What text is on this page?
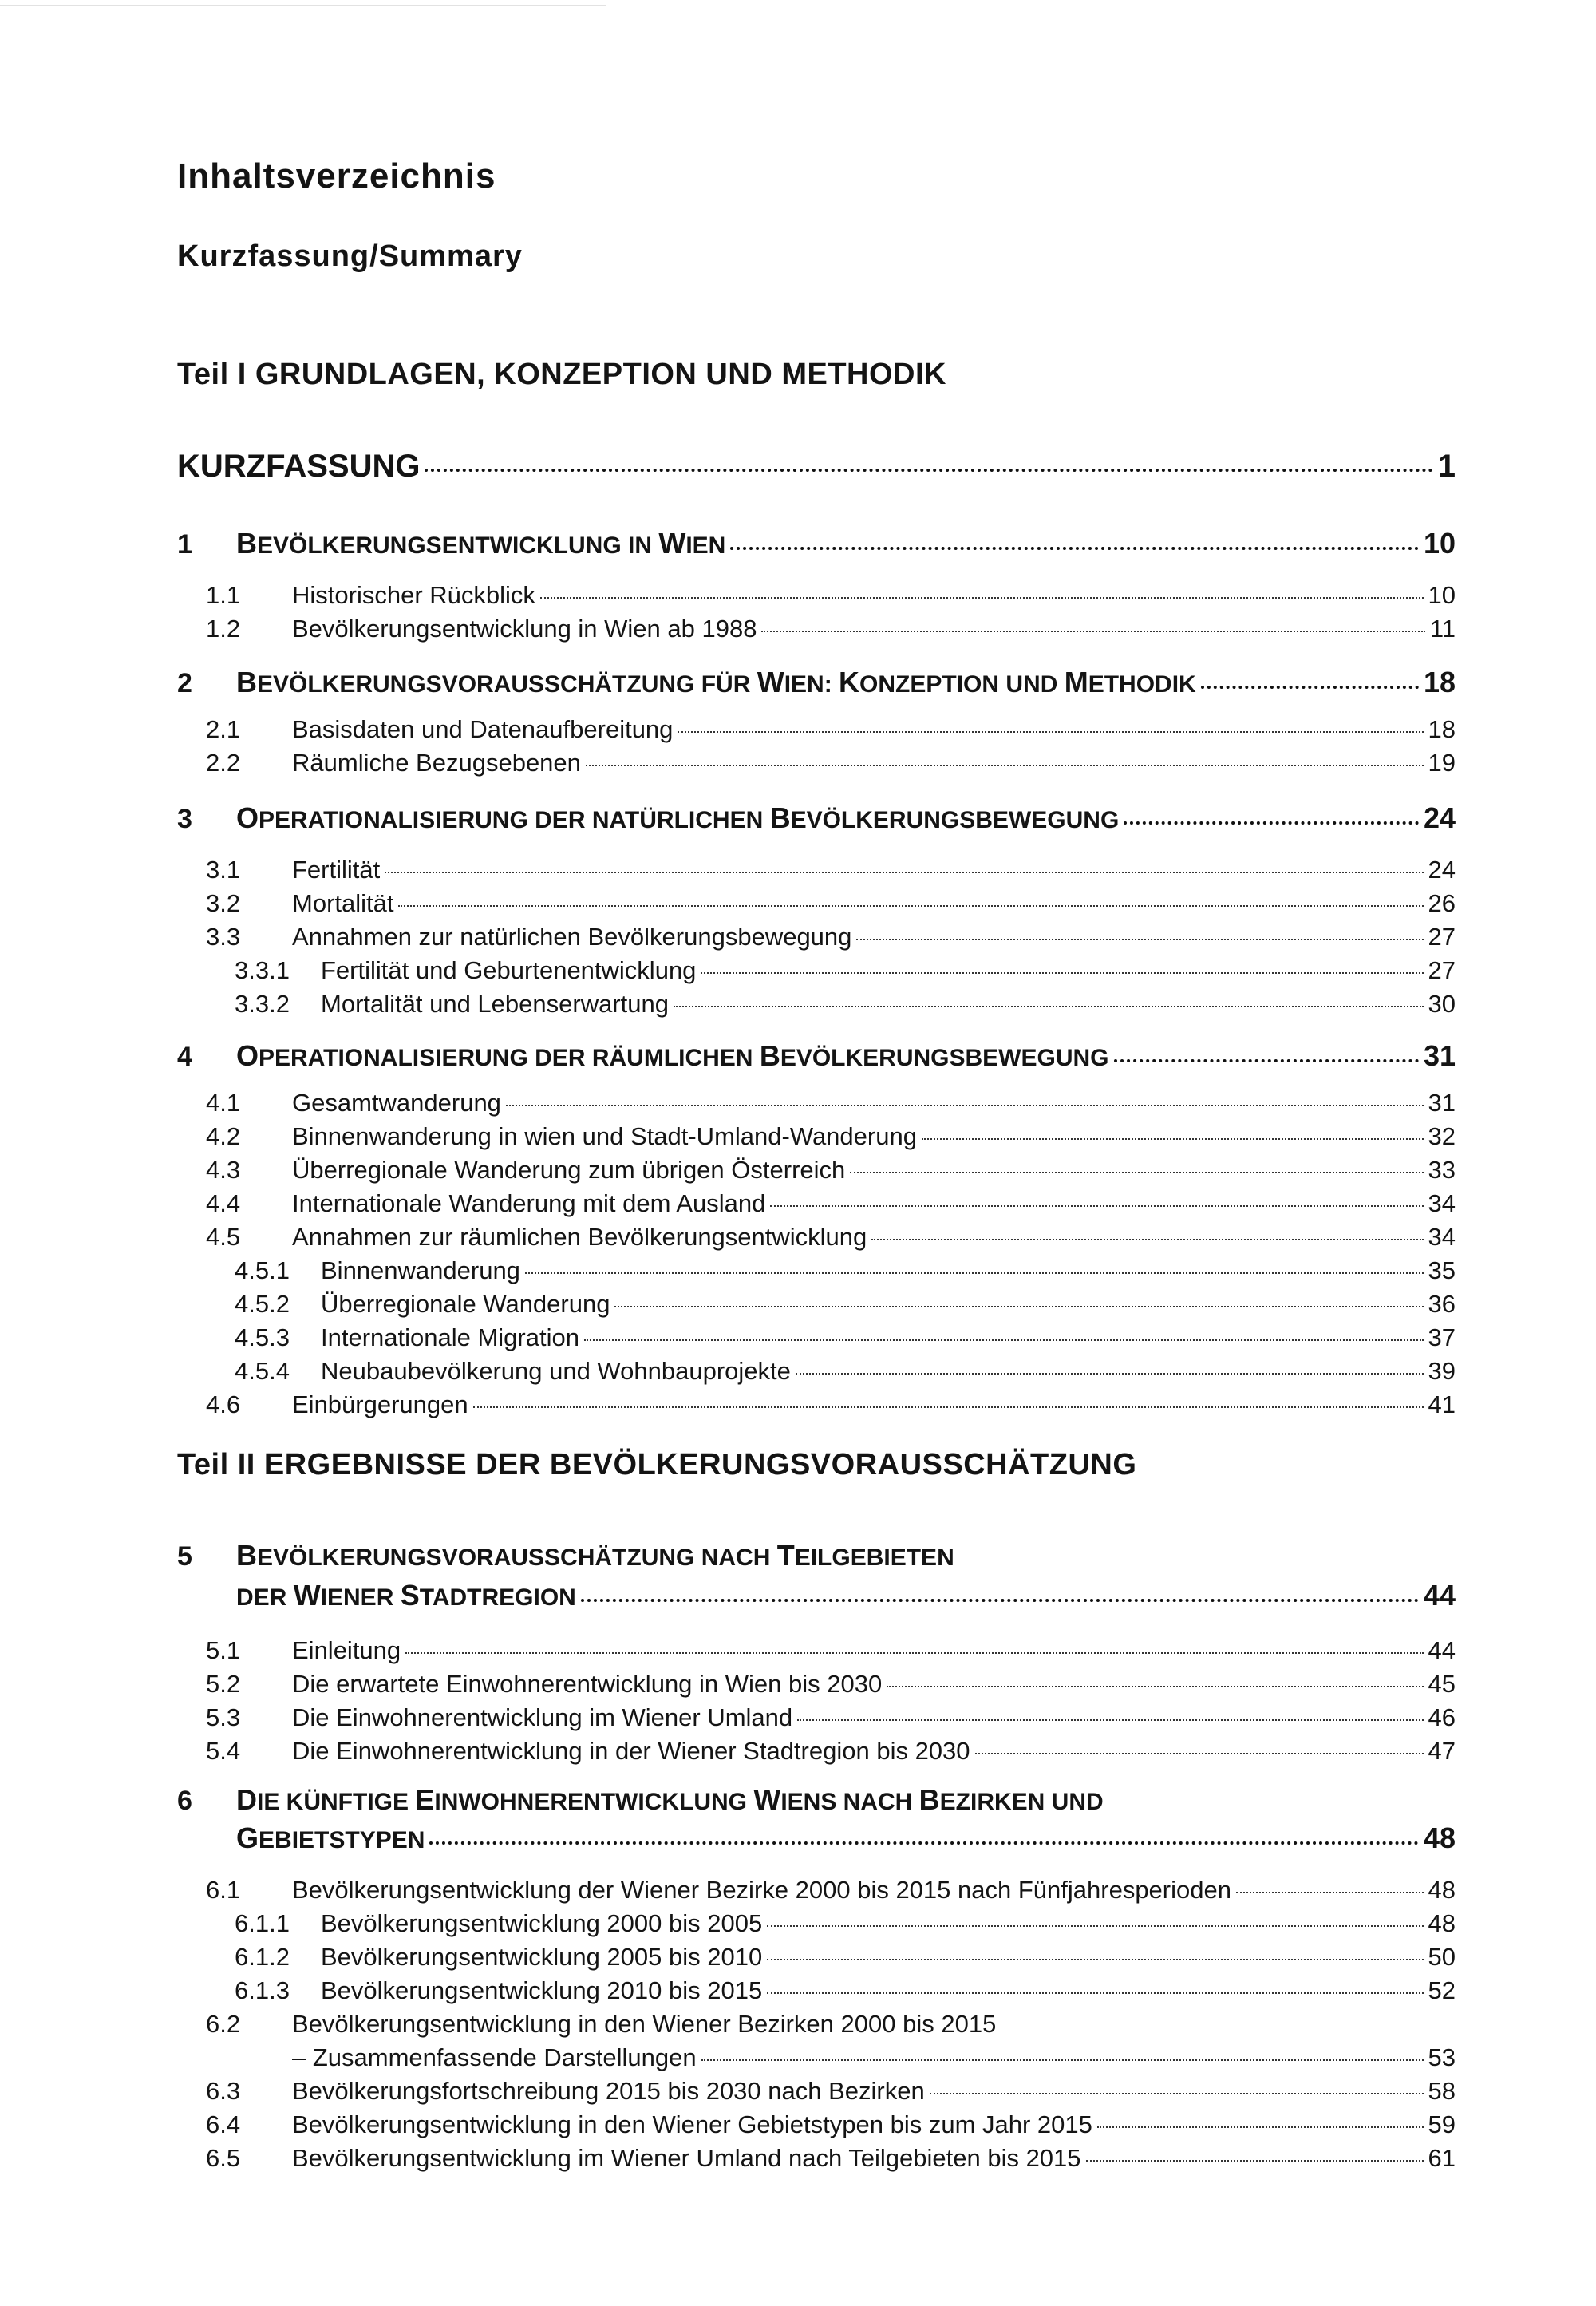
Inhaltsverzeichnis
Kurzfassung/Summary
Teil I GRUNDLAGEN, KONZEPTION UND METHODIK
KURZFASSUNG	1
1 BEVÖLKERUNGSENTWICKLUNG IN WIEN	10
1.1 Historischer Rückblick	10
1.2 Bevölkerungsentwicklung in Wien ab 1988	11
2 BEVÖLKERUNGSVORAUSSCHÄTZUNG FÜR WIEN: KONZEPTION UND METHODIK	18
2.1 Basisdaten und Datenaufbereitung	18
2.2 Räumliche Bezugsebenen	19
3 OPERATIONALISIERUNG DER NATÜRLICHEN BEVÖLKERUNGSBEWEGUNG	24
3.1 Fertilität	24
3.2 Mortalität	26
3.3 Annahmen zur natürlichen Bevölkerungsbewegung	27
3.3.1 Fertilität und Geburtenentwicklung	27
3.3.2 Mortalität und Lebenserwartung	30
4 OPERATIONALISIERUNG DER RÄUMLICHEN BEVÖLKERUNGSBEWEGUNG	31
4.1 Gesamtwanderung	31
4.2 Binnenwanderung in wien und Stadt-Umland-Wanderung	32
4.3 Überregionale Wanderung zum übrigen Österreich	33
4.4 Internationale Wanderung mit dem Ausland	34
4.5 Annahmen zur räumlichen Bevölkerungsentwicklung	34
4.5.1 Binnenwanderung	35
4.5.2 Überregionale Wanderung	36
4.5.3 Internationale Migration	37
4.5.4 Neubaubevölkerung und Wohnbauprojekte	39
4.6 Einbürgerungen	41
Teil II ERGEBNISSE DER BEVÖLKERUNGSVORAUSSCHÄTZUNG
5 BEVÖLKERUNGSVORAUSSCHÄTZUNG NACH TEILGEBIETEN
DER WIENER STADTREGION	44
5.1 Einleitung	44
5.2 Die erwartete Einwohnerentwicklung in Wien bis 2030	45
5.3 Die Einwohnerentwicklung im Wiener Umland	46
5.4 Die Einwohnerentwicklung in der Wiener Stadtregion bis 2030	47
6 DIE KÜNFTIGE EINWOHNERENTWICKLUNG WIENS NACH BEZIRKEN UND
GEBIETSTYPEN	48
6.1 Bevölkerungsentwicklung der Wiener Bezirke 2000 bis 2015 nach Fünfjahresperioden	48
6.1.1 Bevölkerungsentwicklung 2000 bis 2005	48
6.1.2 Bevölkerungsentwicklung 2005 bis 2010	50
6.1.3 Bevölkerungsentwicklung 2010 bis 2015	52
6.2 Bevölkerungsentwicklung in den Wiener Bezirken 2000 bis 2015
– Zusammenfassende Darstellungen	53
6.3 Bevölkerungsfortschreibung 2015 bis 2030 nach Bezirken	58
6.4 Bevölkerungsentwicklung in den Wiener Gebietstypen bis zum Jahr 2015	59
6.5 Bevölkerungsentwicklung im Wiener Umland nach Teilgebieten bis 2015	61
